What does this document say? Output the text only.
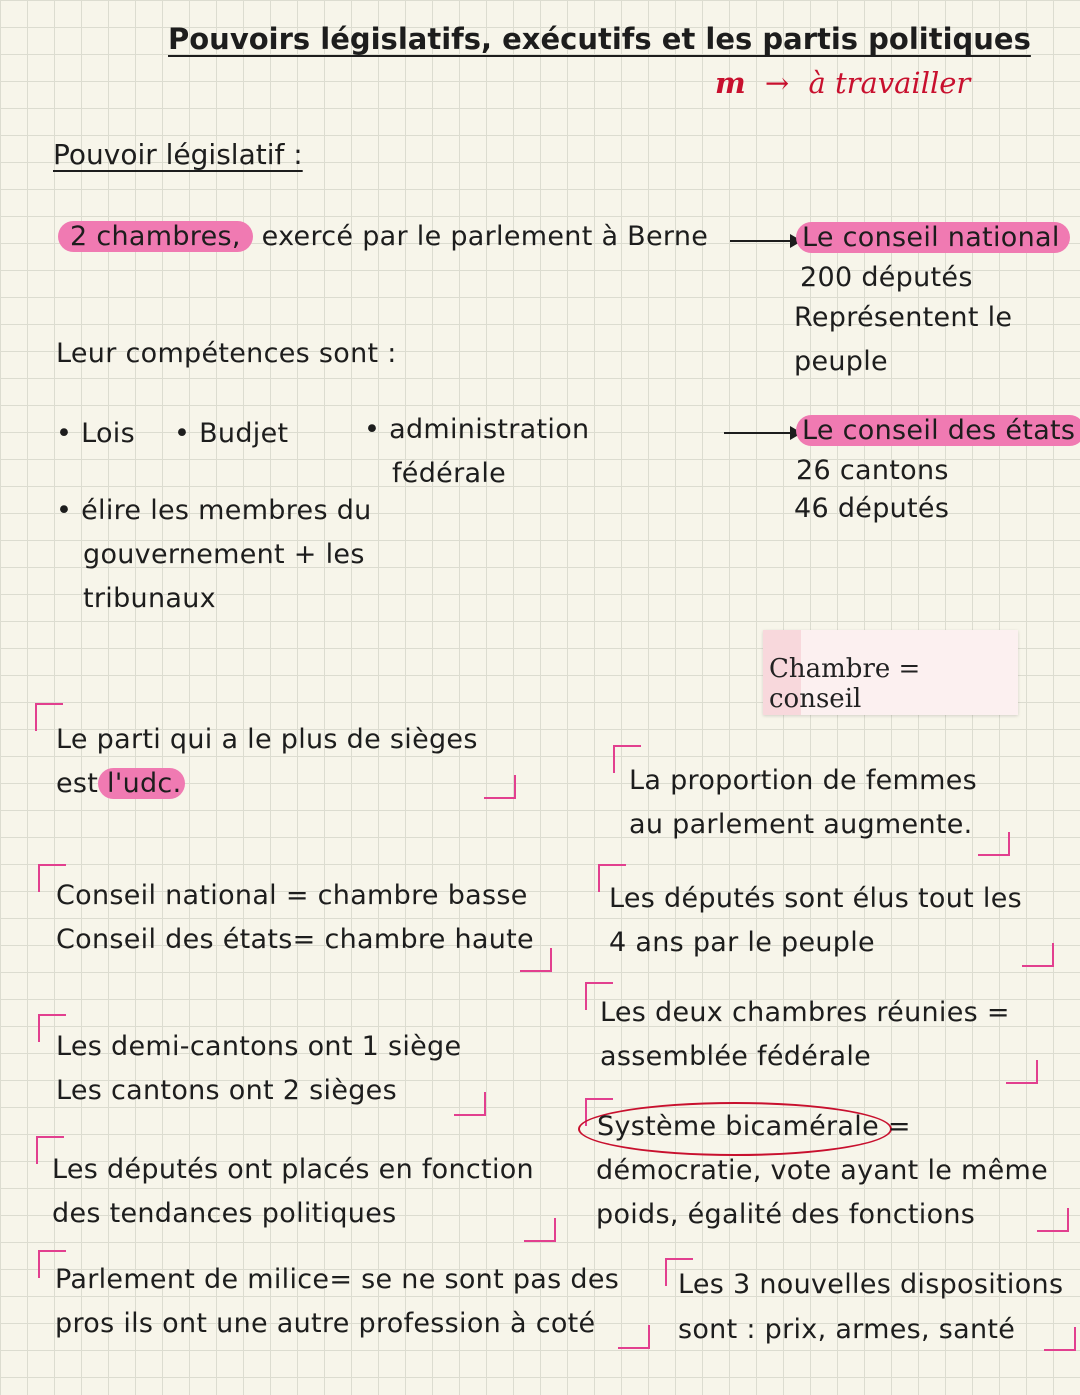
Pouvoirs législatifs, exécutifs et les partis politiques
m → à travailler
Pouvoir législatif :
2 chambres, exercé par le parlement à Berne	Le conseil national
200 députés
Représentent le
peuple
Leur compétences sont :
• Lois • Budjet	• administration
fédérale
• élire les membres du
gouvernement + les
tribunaux
Le conseil des états
26 cantons
46 députés
Chambre = conseil
Le parti qui a le plus de sièges
est l'udc.	La proportion de femmes
au parlement augmente.
Conseil national = chambre basse
Conseil des états= chambre haute
Les députés sont élus tout les
4 ans par le peuple
Les deux chambres réunies =
assemblée fédérale
Les demi-cantons ont 1 siège
Les cantons ont 2 sièges
Système bicamérale =
démocratie, vote ayant le même
poids, égalité des fonctions
Les députés ont placés en fonction
des tendances politiques
Parlement de milice= se ne sont pas des
pros ils ont une autre profession à coté
Les 3 nouvelles dispositions
sont : prix, armes, santé
